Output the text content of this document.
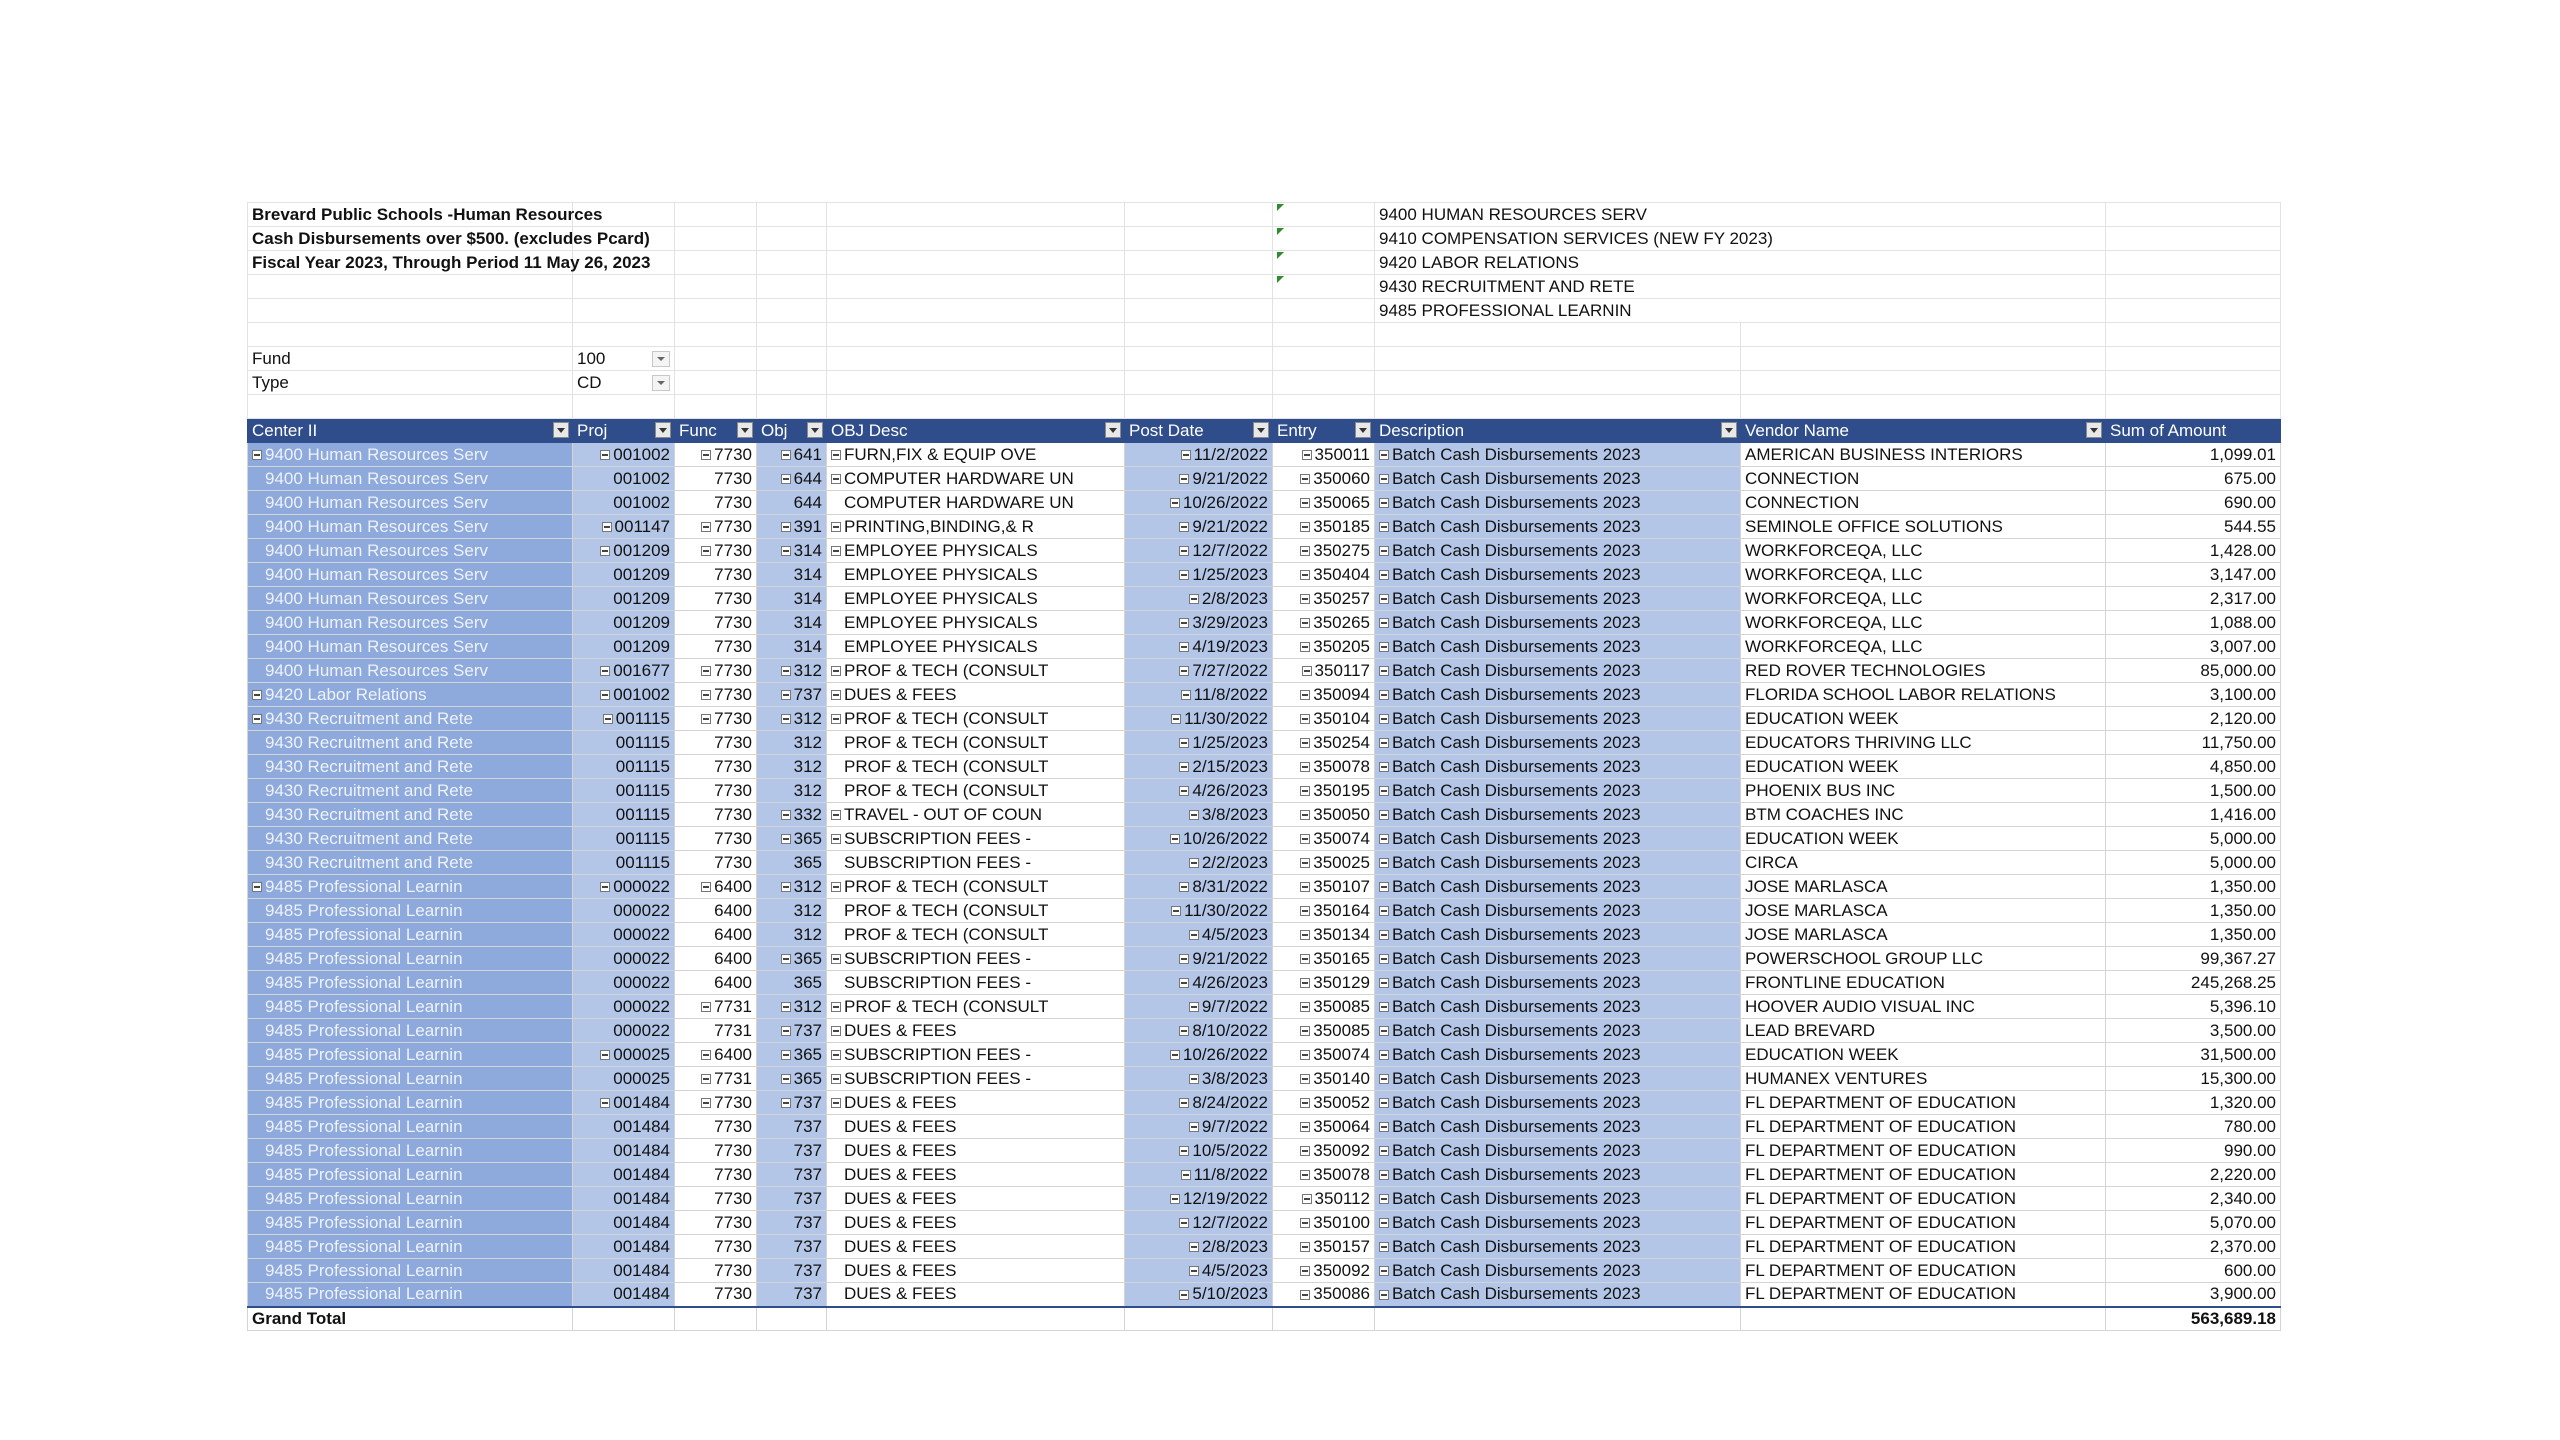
Brevard Public Schools -Human Resources							9400 HUMAN RESOURCES SERV		
Cash Disbursements over $500. (excludes Pcard)							9410 COMPENSATION SERVICES (NEW FY 2023)		
Fiscal Year 2023, Through Period 11 May 26, 2023							9420 LABOR RELATIONS		
							9430 RECRUITMENT AND RETE		
							9485 PROFESSIONAL LEARNIN		

Fund	100

Type	CD

Center II	Proj	Func	Obj	OBJ Desc	Post Date	Entry	Description	Vendor Name	Sum of Amount
9400 Human Resources Serv	001002	7730	641	FURN,FIX & EQUIP OVE	11/2/2022	350011	Batch Cash Disbursements 2023	AMERICAN BUSINESS INTERIORS	1,099.01
9400 Human Resources Serv	001002	7730	644	COMPUTER HARDWARE UN	9/21/2022	350060	Batch Cash Disbursements 2023	CONNECTION	675.00
9400 Human Resources Serv	001002	7730	644	COMPUTER HARDWARE UN	10/26/2022	350065	Batch Cash Disbursements 2023	CONNECTION	690.00
9400 Human Resources Serv	001147	7730	391	PRINTING,BINDING,& R	9/21/2022	350185	Batch Cash Disbursements 2023	SEMINOLE OFFICE SOLUTIONS	544.55
9400 Human Resources Serv	001209	7730	314	EMPLOYEE PHYSICALS	12/7/2022	350275	Batch Cash Disbursements 2023	WORKFORCEQA, LLC	1,428.00
9400 Human Resources Serv	001209	7730	314	EMPLOYEE PHYSICALS	1/25/2023	350404	Batch Cash Disbursements 2023	WORKFORCEQA, LLC	3,147.00
9400 Human Resources Serv	001209	7730	314	EMPLOYEE PHYSICALS	2/8/2023	350257	Batch Cash Disbursements 2023	WORKFORCEQA, LLC	2,317.00
9400 Human Resources Serv	001209	7730	314	EMPLOYEE PHYSICALS	3/29/2023	350265	Batch Cash Disbursements 2023	WORKFORCEQA, LLC	1,088.00
9400 Human Resources Serv	001209	7730	314	EMPLOYEE PHYSICALS	4/19/2023	350205	Batch Cash Disbursements 2023	WORKFORCEQA, LLC	3,007.00
9400 Human Resources Serv	001677	7730	312	PROF & TECH (CONSULT	7/27/2022	350117	Batch Cash Disbursements 2023	RED ROVER TECHNOLOGIES	85,000.00
9420 Labor Relations	001002	7730	737	DUES & FEES	11/8/2022	350094	Batch Cash Disbursements 2023	FLORIDA SCHOOL LABOR RELATIONS	3,100.00
9430 Recruitment and Rete	001115	7730	312	PROF & TECH (CONSULT	11/30/2022	350104	Batch Cash Disbursements 2023	EDUCATION WEEK	2,120.00
9430 Recruitment and Rete	001115	7730	312	PROF & TECH (CONSULT	1/25/2023	350254	Batch Cash Disbursements 2023	EDUCATORS THRIVING LLC	11,750.00
9430 Recruitment and Rete	001115	7730	312	PROF & TECH (CONSULT	2/15/2023	350078	Batch Cash Disbursements 2023	EDUCATION WEEK	4,850.00
9430 Recruitment and Rete	001115	7730	312	PROF & TECH (CONSULT	4/26/2023	350195	Batch Cash Disbursements 2023	PHOENIX BUS INC	1,500.00
9430 Recruitment and Rete	001115	7730	332	TRAVEL - OUT OF COUN	3/8/2023	350050	Batch Cash Disbursements 2023	BTM COACHES INC	1,416.00
9430 Recruitment and Rete	001115	7730	365	SUBSCRIPTION FEES -	10/26/2022	350074	Batch Cash Disbursements 2023	EDUCATION WEEK	5,000.00
9430 Recruitment and Rete	001115	7730	365	SUBSCRIPTION FEES -	2/2/2023	350025	Batch Cash Disbursements 2023	CIRCA	5,000.00
9485 Professional Learnin	000022	6400	312	PROF & TECH (CONSULT	8/31/2022	350107	Batch Cash Disbursements 2023	JOSE MARLASCA	1,350.00
9485 Professional Learnin	000022	6400	312	PROF & TECH (CONSULT	11/30/2022	350164	Batch Cash Disbursements 2023	JOSE MARLASCA	1,350.00
9485 Professional Learnin	000022	6400	312	PROF & TECH (CONSULT	4/5/2023	350134	Batch Cash Disbursements 2023	JOSE MARLASCA	1,350.00
9485 Professional Learnin	000022	6400	365	SUBSCRIPTION FEES -	9/21/2022	350165	Batch Cash Disbursements 2023	POWERSCHOOL GROUP LLC	99,367.27
9485 Professional Learnin	000022	6400	365	SUBSCRIPTION FEES -	4/26/2023	350129	Batch Cash Disbursements 2023	FRONTLINE EDUCATION	245,268.25
9485 Professional Learnin	000022	7731	312	PROF & TECH (CONSULT	9/7/2022	350085	Batch Cash Disbursements 2023	HOOVER AUDIO VISUAL INC	5,396.10
9485 Professional Learnin	000022	7731	737	DUES & FEES	8/10/2022	350085	Batch Cash Disbursements 2023	LEAD BREVARD	3,500.00
9485 Professional Learnin	000025	6400	365	SUBSCRIPTION FEES -	10/26/2022	350074	Batch Cash Disbursements 2023	EDUCATION WEEK	31,500.00
9485 Professional Learnin	000025	7731	365	SUBSCRIPTION FEES -	3/8/2023	350140	Batch Cash Disbursements 2023	HUMANEX VENTURES	15,300.00
9485 Professional Learnin	001484	7730	737	DUES & FEES	8/24/2022	350052	Batch Cash Disbursements 2023	FL DEPARTMENT OF EDUCATION	1,320.00
9485 Professional Learnin	001484	7730	737	DUES & FEES	9/7/2022	350064	Batch Cash Disbursements 2023	FL DEPARTMENT OF EDUCATION	780.00
9485 Professional Learnin	001484	7730	737	DUES & FEES	10/5/2022	350092	Batch Cash Disbursements 2023	FL DEPARTMENT OF EDUCATION	990.00
9485 Professional Learnin	001484	7730	737	DUES & FEES	11/8/2022	350078	Batch Cash Disbursements 2023	FL DEPARTMENT OF EDUCATION	2,220.00
9485 Professional Learnin	001484	7730	737	DUES & FEES	12/19/2022	350112	Batch Cash Disbursements 2023	FL DEPARTMENT OF EDUCATION	2,340.00
9485 Professional Learnin	001484	7730	737	DUES & FEES	12/7/2022	350100	Batch Cash Disbursements 2023	FL DEPARTMENT OF EDUCATION	5,070.00
9485 Professional Learnin	001484	7730	737	DUES & FEES	2/8/2023	350157	Batch Cash Disbursements 2023	FL DEPARTMENT OF EDUCATION	2,370.00
9485 Professional Learnin	001484	7730	737	DUES & FEES	4/5/2023	350092	Batch Cash Disbursements 2023	FL DEPARTMENT OF EDUCATION	600.00
9485 Professional Learnin	001484	7730	737	DUES & FEES	5/10/2023	350086	Batch Cash Disbursements 2023	FL DEPARTMENT OF EDUCATION	3,900.00
Grand Total									563,689.18
